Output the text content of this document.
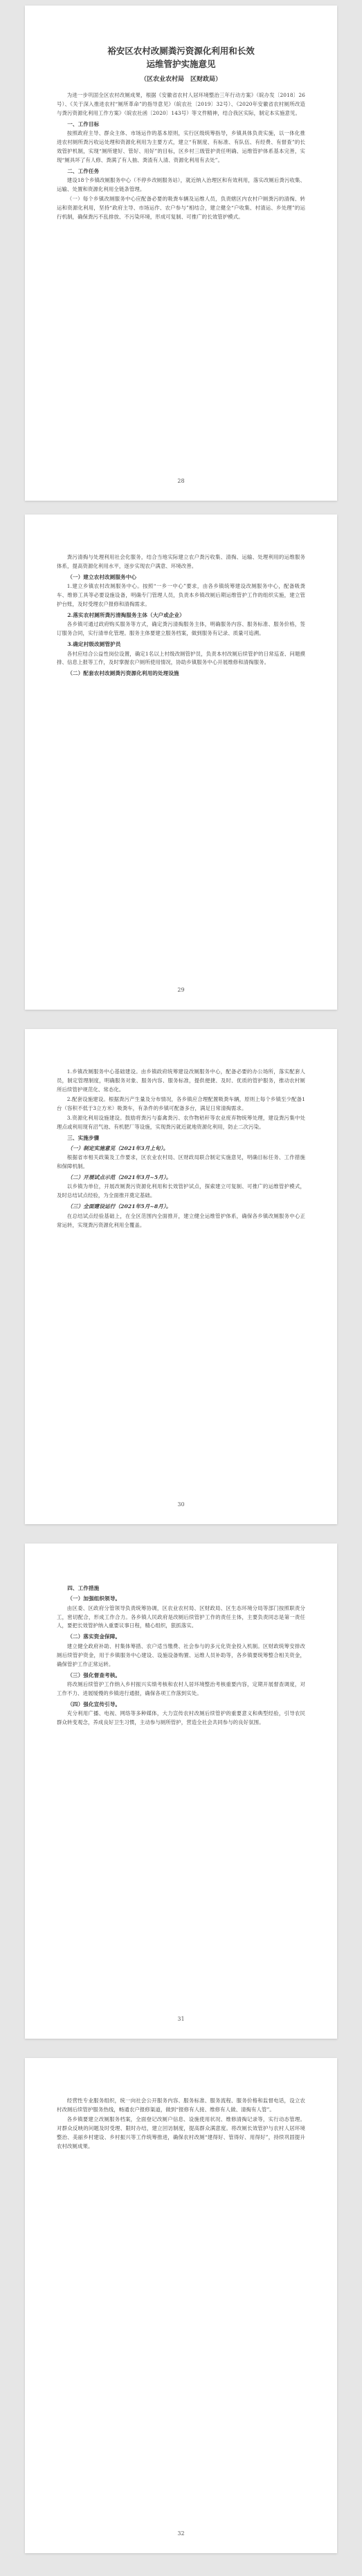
裕安区农村改厕粪污资源化利用和长效

运维管护实施意见

（区农业农村局　区财政局）

为进一步巩固全区农村改厕成果，根据《安徽省农村人居环境整治三年行动方案》（皖办发〔2018〕26号）、《关于深入推进农村“厕所革命”的指导意见》（皖农社〔2019〕32号）、《2020年安徽省农村厕所改造与粪污资源化利用工作方案》（皖农社函〔2020〕143号）等文件精神，结合我区实际，制定本实施意见。

一、工作目标

按照政府主导、群众主体、市场运作的基本原则，实行区级统筹指导，乡镇具体负责实施，以一体化推进农村厕所粪污收运处理和资源化利用为主要方式，建立“有制度、有标准、有队伍、有经费、有督查”的长效管护机制，实现“厕所建好、管好、用好”的目标，区乡村三级管护责任明确、运维管护体系基本完善，实现“厕具坏了有人修、粪满了有人抽、粪渣有人清、资源化利用有去处”。

二、工作任务

建设18个乡镇改厕服务中心（不停乡改厕服务站），就近纳入治理区和有效利用，落实改厕后粪污收集、运输、处置和资源化利用全链条管理。

（一）每个乡镇改厕服务中心应配备必要的吸粪车辆及运维人员，负责辖区内农村户厕粪污的清掏、转运和资源化利用，坚持“政府主导、市场运作、农户参与”相结合，建立健全“户收集、村清运、乡处理”的运行机制，确保粪污不乱排放、不污染环境，形成可复制、可推广的长效管护模式。

28

粪污清掏与处理利用社会化服务，结合当地实际建立农户粪污收集、清掏、运输、处理利用的运维服务体系，提高资源化利用水平，逐步实现农户满意、环境改善。

（一）建立农村改厕服务中心

1.建立乡镇农村改厕服务中心。按照“一乡一中心”要求，由各乡镇统筹建设改厕服务中心，配备吸粪车、维修工具等必要设施设备，明确专门管理人员，负责本乡镇改厕后期运维管护工作的组织实施，建立管护台账，及时受理农户报修和清掏需求。

2.落实农村厕所粪污清掏服务主体（大户或企业）

各乡镇可通过政府购买服务等方式，确定粪污清掏服务主体，明确服务内容、服务标准、服务价格，签订服务合同，实行清单化管理。服务主体要建立服务档案，做到服务有记录、质量可追溯。

3.确定村级改厕管护员

各村应结合公益性岗位设置，确定1名以上村级改厕管护员，负责本村改厕后续管护的日常巡查、问题摸排、信息上报等工作，及时掌握农户厕所使用情况，协助乡镇服务中心开展维修和清掏服务。

（二）配套农村改厕粪污资源化利用的处理设施

29

1.乡镇改厕服务中心基础建设。由乡镇政府统筹建设改厕服务中心，配备必要的办公场所，落实配套人员，制定管理制度，明确服务对象、服务内容、服务标准，提供便捷、及时、优质的管护服务，推动农村厕所后续管护规范化、常态化。

2.配套设施建设。根据粪污产生量及分布情况，各乡镇应合理配置吸粪车辆，原则上每个乡镇至少配备1台（容积不低于3立方米）吸粪车，有条件的乡镇可配备多台，满足日常清掏需求。

3.资源化利用设施建设。鼓励将粪污与畜禽粪污、农作物秸秆等农业废弃物统筹处理，建设粪污集中处理点或利用现有沼气池、有机肥厂等设施，实现粪污就近就地资源化利用，防止二次污染。

三、实施步骤

（一）制定实施意见（2021年3月上旬）。

根据省市相关政策及工作要求，区农业农村局、区财政局联合制定实施意见，明确目标任务、工作措施和保障机制。

（二）开展试点示范（2021年3月~5月）。

以乡镇为单位，开展改厕粪污资源化利用和长效管护试点，探索建立可复制、可推广的运维管护模式，及时总结试点经验，为全面推开奠定基础。

（三）全面建设运行（2021年5月~8月）。

在总结试点经验基础上，在全区范围内全面推开，建立健全运维管护体系，确保各乡镇改厕服务中心正常运转，实现粪污资源化利用全覆盖。

30

四、工作措施

（一）加强组织领导。

由区委、区政府分管领导负责统筹协调，区农业农村局、区财政局、区生态环境分局等部门按照职责分工，密切配合，形成工作合力。各乡镇人民政府是改厕后续管护工作的责任主体，主要负责同志是第一责任人，要把长效管护纳入重要议事日程，精心组织，狠抓落实。

（二）落实资金保障。

建立健全政府补助、村集体筹措、农户适当缴费、社会参与的多元化资金投入机制。区财政统筹安排改厕后续管护资金，用于乡镇服务中心建设、设施设备购置、运维人员补助等，各乡镇要统筹整合相关资金，确保管护工作正常运转。

（三）强化督查考核。

将改厕后续管护工作纳入乡村振兴实绩考核和农村人居环境整治考核重要内容，定期开展督查调度，对工作不力、进展缓慢的乡镇进行通报，确保各项工作落到实处。

（四）强化宣传引导。

充分利用广播、电视、网络等多种媒体，大力宣传农村改厕后续管护的重要意义和典型经验，引导农民群众转变观念，养成良好卫生习惯，主动参与厕所管护，营造全社会共同参与的良好氛围。

31

经营性专业服务组织，统一向社会公开服务内容、服务标准、服务流程、服务价格和监督电话，设立农村改厕后续管护服务热线，畅通农户报修渠道，做到“报修有人接、维修有人做、清掏有人管”。

各乡镇要建立改厕服务档案，全面登记改厕户信息、设施使用状况、维修清掏记录等，实行动态管理。对群众反映的问题及时受理、限时办结，建立回访制度，提高群众满意度。将改厕长效管护与农村人居环境整治、美丽乡村建设、乡村振兴等工作统筹推进，确保农村改厕“建得好、管得好、用得好”，持续巩固提升农村改厕成果。

32
